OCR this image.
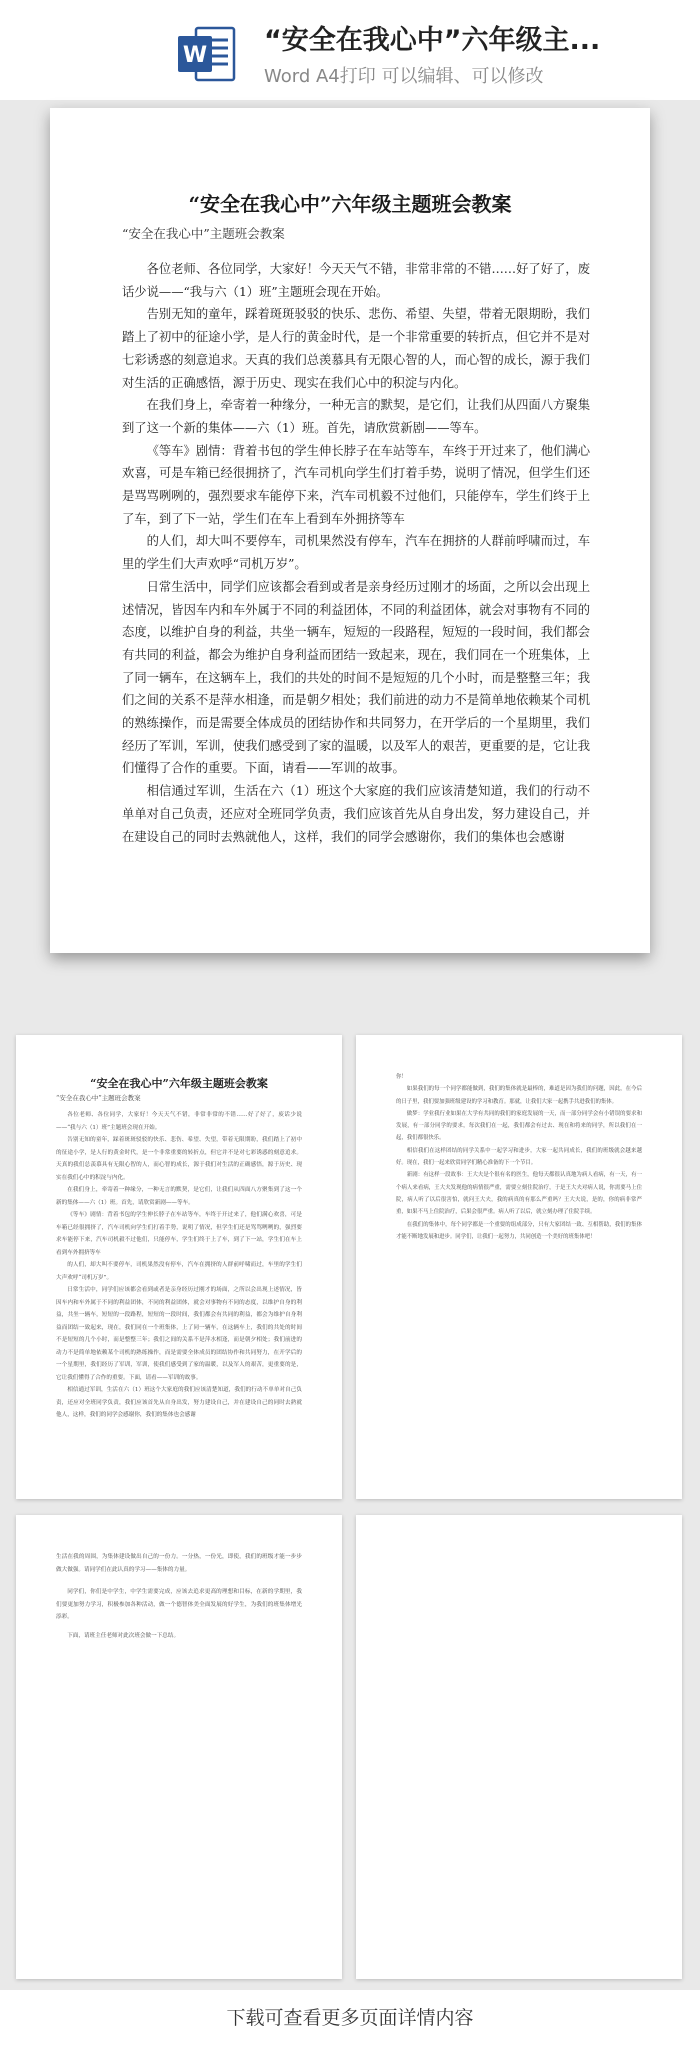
W “安全在我心中”六年级主...
Word A4打印 可以编辑、可以修改
“安全在我心中”六年级主题班会教案
“安全在我心中”主题班会教案

各位老师、各位同学，大家好！今天天气不错，非常非常的不错……好了好了，废话少说——“我与六（1）班”主题班会现在开始。

告别无知的童年，踩着斑斑驳驳的快乐、悲伤、希望、失望，带着无限期盼，我们踏上了初中的征途小学，是人行的黄金时代，是一个非常重要的转折点，但它并不是对七彩诱惑的刻意追求。天真的我们总羡慕具有无限心智的人，而心智的成长，源于我们对生活的正确感悟，源于历史、现实在我们心中的积淀与内化。

在我们身上，牵寄着一种缘分，一种无言的默契，是它们，让我们从四面八方聚集到了这一个新的集体——六（1）班。首先，请欣赏新剧——等车。

《等车》剧情：背着书包的学生伸长脖子在车站等车，车终于开过来了，他们满心欢喜，可是车箱已经很拥挤了，汽车司机向学生们打着手势，说明了情况，但学生们还是骂骂咧咧的，强烈要求车能停下来，汽车司机毅不过他们，只能停车，学生们终于上了车，到了下一站，学生们在车上看到车外拥挤等车

的人们，却大叫不要停车，司机果然没有停车，汽车在拥挤的人群前呼啸而过，车里的学生们大声欢呼“司机万岁”。

日常生活中，同学们应该都会看到或者是亲身经历过刚才的场面，之所以会出现上述情况，皆因车内和车外属于不同的利益团体，不同的利益团体，就会对事物有不同的态度，以维护自身的利益，共坐一辆车，短短的一段路程，短短的一段时间，我们都会有共同的利益，都会为维护自身利益而团结一致起来，现在，我们同在一个班集体，上了同一辆车，在这辆车上，我们的共处的时间不是短短的几个小时，而是整整三年；我们之间的关系不是萍水相逢，而是朝夕相处；我们前进的动力不是简单地依赖某个司机的熟练操作，而是需要全体成员的团结协作和共同努力，在开学后的一个星期里，我们经历了军训，军训，使我们感受到了家的温暖，以及军人的艰苦，更重要的是，它让我们懂得了合作的重要。下面，请看——军训的故事。

相信通过军训，生活在六（1）班这个大家庭的我们应该清楚知道，我们的行动不单单对自己负责，还应对全班同学负责，我们应该首先从自身出发，努力建设自己，并在建设自己的同时去熟就他人，这样，我们的同学会感谢你，我们的集体也会感谢

“安全在我心中”六年级主题班会教案
“安全在我心中”主题班会教案

各位老师、各位同学，大家好！今天天气不错，非常非常的不错……好了好了，废话少说——“我与六（1）班”主题班会现在开始。

告别无知的童年，踩着斑斑驳驳的快乐、悲伤、希望、失望，带着无限期盼，我们踏上了初中的征途小学，是人行的黄金时代，是一个非常重要的转折点，但它并不是对七彩诱惑的刻意追求。天真的我们总羡慕具有无限心智的人，而心智的成长，源于我们对生活的正确感悟，源于历史、现实在我们心中的积淀与内化。

在我们身上，牵寄着一种缘分，一种无言的默契，是它们，让我们从四面八方聚集到了这一个新的集体——六（1）班。首先，请欣赏新剧——等车。

《等车》剧情：背着书包的学生伸长脖子在车站等车，车终于开过来了，他们满心欢喜，可是车箱已经很拥挤了，汽车司机向学生们打着手势，说明了情况，但学生们还是骂骂咧咧的，强烈要求车能停下来，汽车司机毅不过他们，只能停车，学生们终于上了车，到了下一站，学生们在车上看到车外拥挤等车

的人们，却大叫不要停车，司机果然没有停车，汽车在拥挤的人群前呼啸而过，车里的学生们大声欢呼“司机万岁”。

日常生活中，同学们应该都会看到或者是亲身经历过刚才的场面，之所以会出现上述情况，皆因车内和车外属于不同的利益团体，不同的利益团体，就会对事物有不同的态度，以维护自身的利益，共坐一辆车，短短的一段路程，短短的一段时间，我们都会有共同的利益，都会为维护自身利益而团结一致起来，现在，我们同在一个班集体，上了同一辆车，在这辆车上，我们的共处的时间不是短短的几个小时，而是整整三年；我们之间的关系不是萍水相逢，而是朝夕相处；我们前进的动力不是简单地依赖某个司机的熟练操作，而是需要全体成员的团结协作和共同努力，在开学后的一个星期里，我们经历了军训，军训，使我们感受到了家的温暖，以及军人的艰苦，更重要的是，它让我们懂得了合作的重要。下面，请看——军训的故事。

相信通过军训，生活在六（1）班这个大家庭的我们应该清楚知道，我们的行动不单单对自己负责，还应对全班同学负责，我们应该首先从自身出发，努力建设自己，并在建设自己的同时去熟就他人，这样，我们的同学会感谢你，我们的集体也会感谢

你！

如果我们的每一个同学都能做到，我们的集体就是最棒的，难道是因为我们的问题，因此，在今后的日子里，我们要加强班级建设的学习和教育。那就，让我们大家一起携手共进我们的集体。

做梦：学业我行业如果在大学有共同的我们的家庭发展的一天，而一部分同学会有小错误的要求和发展，有一部分同学的要求，每次我们在一起，我们都会有过去、现在和将来的同学，所以我们在一起，我们都很快乐。

相信我们在这样团结的同学关系中一起学习和进步，大家一起共同成长，我们的班级就会越来越好。现在，我们一起来欣赏同学们精心准备的下一个节目。

新剧：有这样一段故事：王大夫是个很有名的医生，他每天都很认真地为病人看病，有一天，有一个病人来看病，王大夫发现他的病情很严重，需要立刻住院治疗，于是王大夫对病人说，你需要马上住院，病人听了以后很害怕，就问王大夫，我的病真的有那么严重吗？王大夫说，是的，你的病非常严重，如果不马上住院治疗，后果会很严重。病人听了以后，就立刻办理了住院手续。

在我们的集体中，每个同学都是一个重要的组成部分，只有大家团结一致、互相帮助，我们的集体才能不断地发展和进步。同学们，让我们一起努力，共同创造一个美好的班集体吧！

生活在我的周围，为集体建设做出自己的一份力。一分热，一份光，即使，我们的班级才能一步步做大做强。请同学们在此认真的学习——集体的力量。

同学们，你们是中学生，中学生需要完成，应该去追求更高的理想和目标，在新的学期里，我们要更加努力学习，积极参加各种活动，做一个德智体美全面发展的好学生，为我们的班集体增光添彩。

下面，请班主任老师对此次班会做一下总结。

下载可查看更多页面详情内容
